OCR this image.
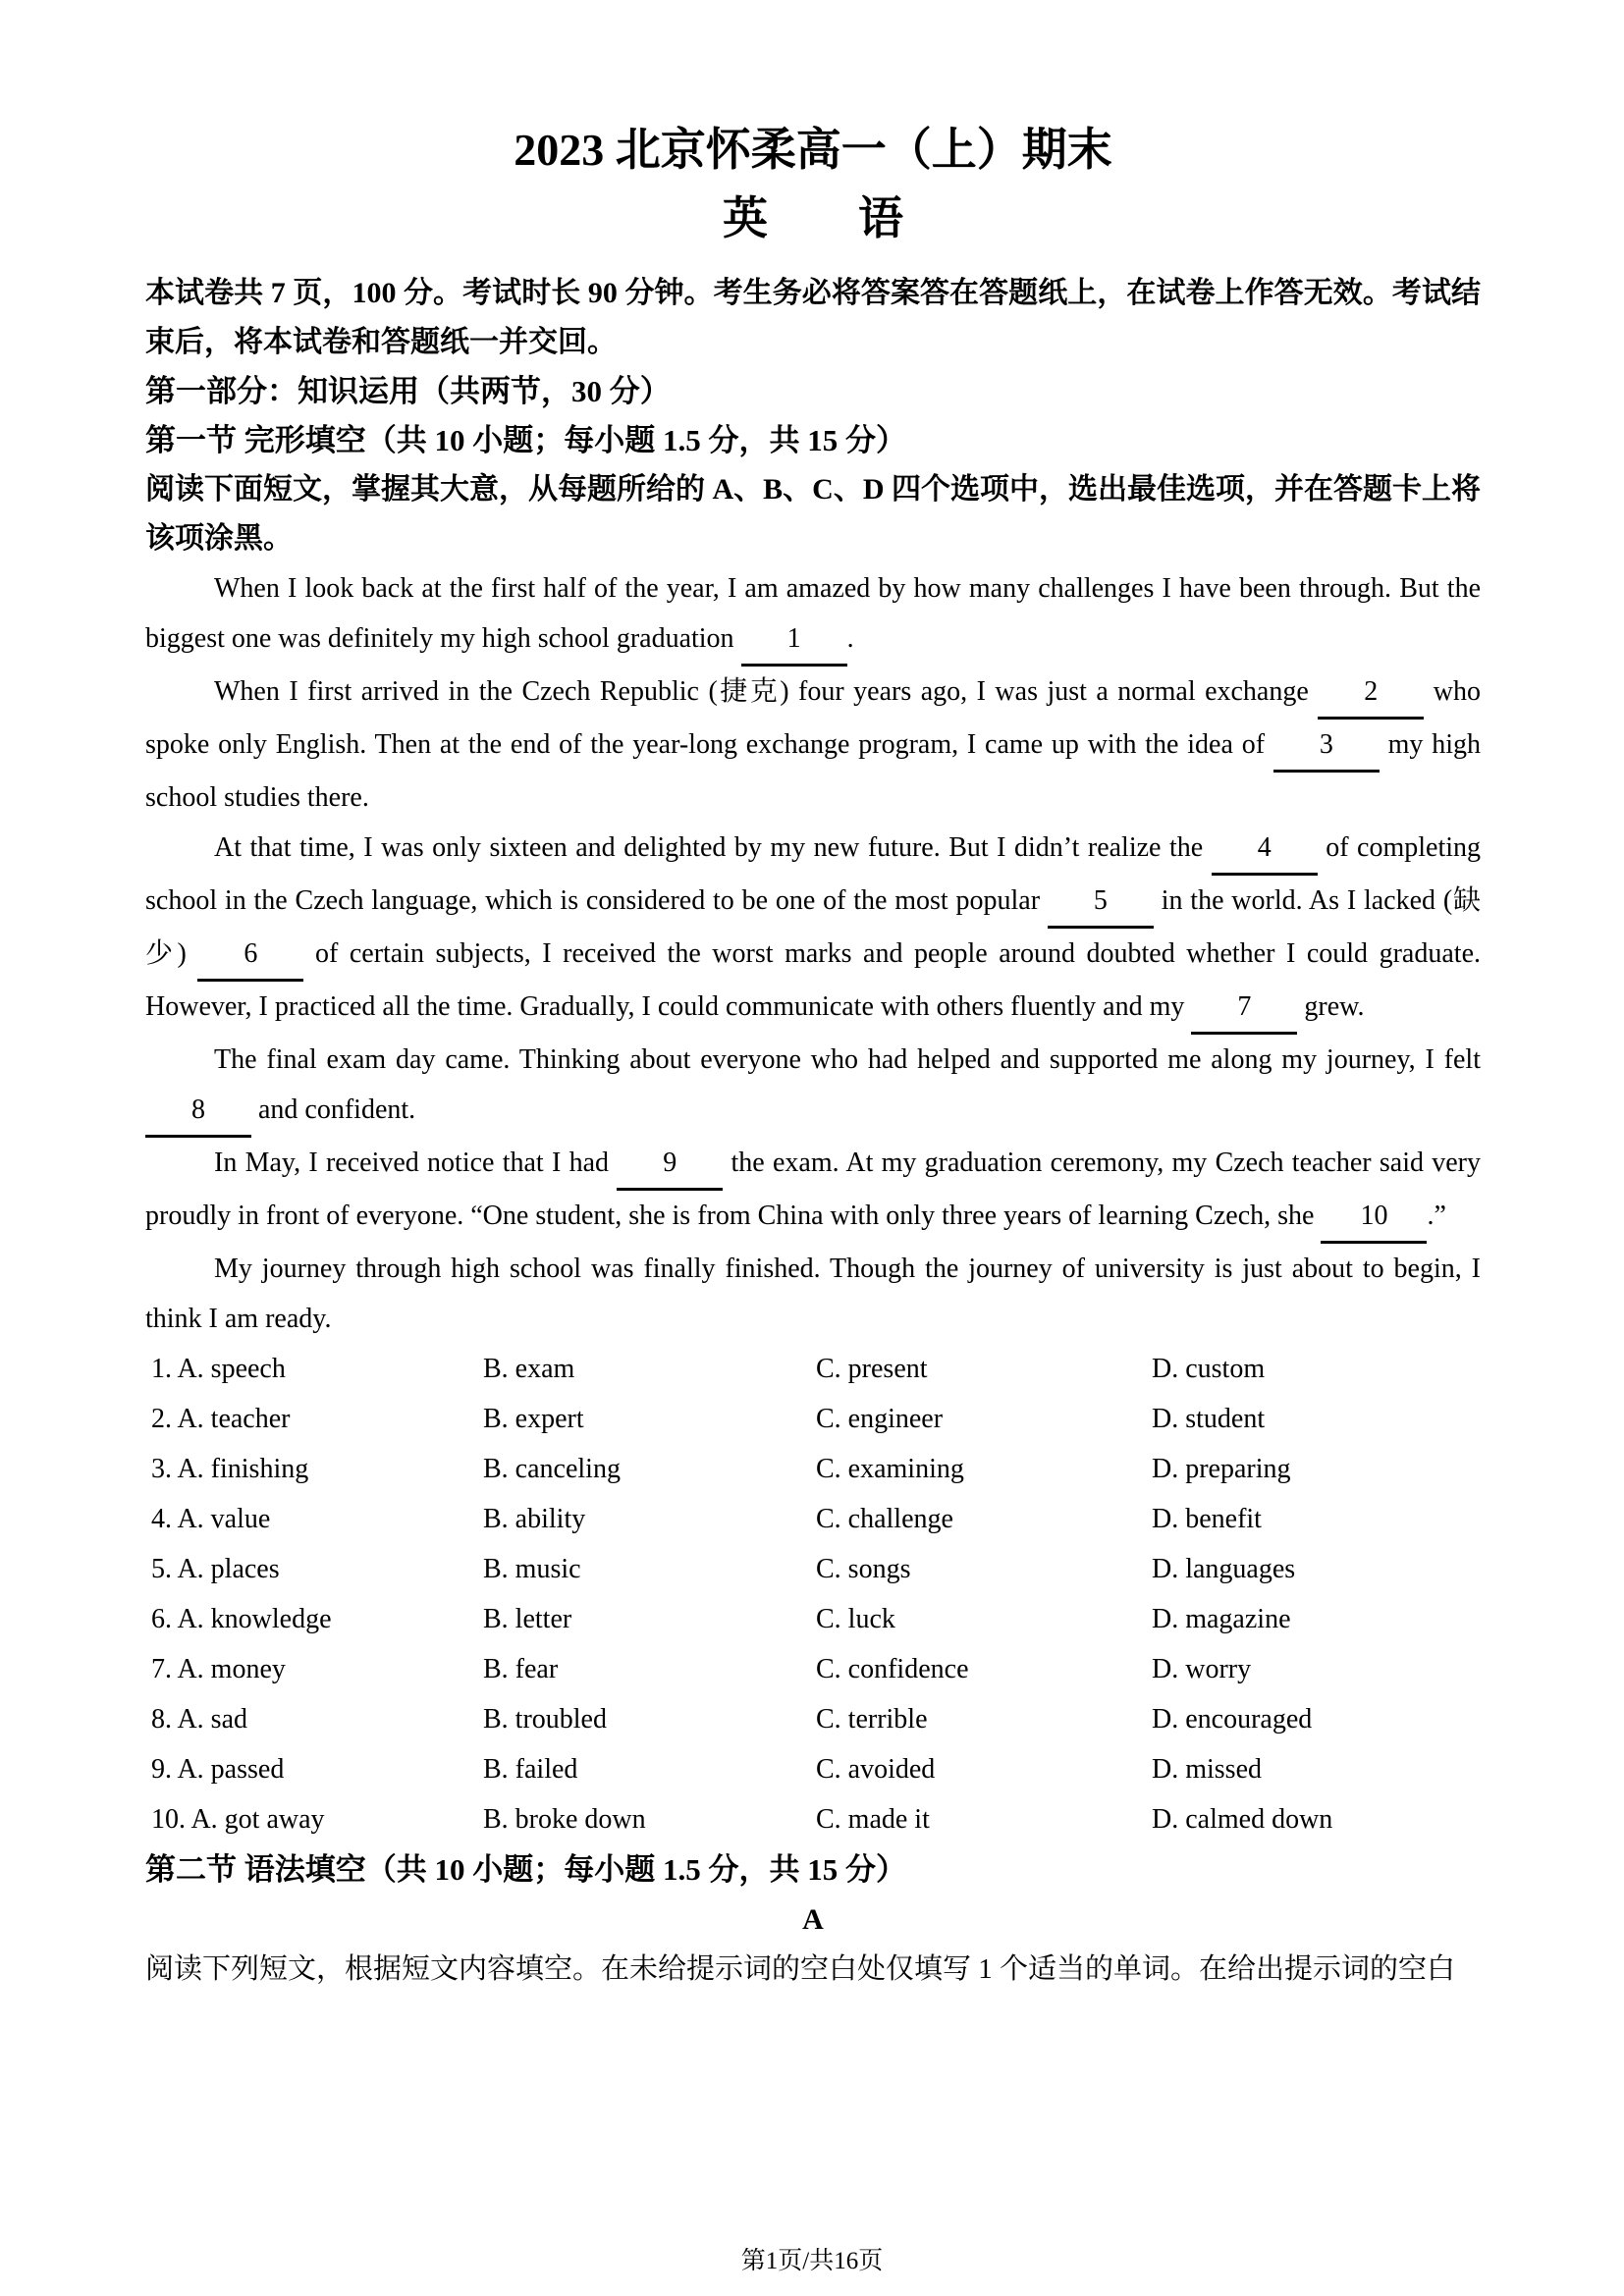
2023 北京怀柔高一（上）期末
英　　语

本试卷共 7 页，100 分。考试时长 90 分钟。考生务必将答案答在答题纸上，在试卷上作答无效。考试结束后，将本试卷和答题纸一并交回。

第一部分：知识运用（共两节，30 分）

第一节 完形填空（共 10 小题；每小题 1.5 分，共 15 分）

阅读下面短文，掌握其大意，从每题所给的 A、B、C、D 四个选项中，选出最佳选项，并在答题卡上将该项涂黑。

When I look back at the first half of the year, I am amazed by how many challenges I have been through. But the biggest one was definitely my high school graduation 1 .

When I first arrived in the Czech Republic (捷克) four years ago, I was just a normal exchange 2 who spoke only English. Then at the end of the year-long exchange program, I came up with the idea of 3 my high school studies there.

At that time, I was only sixteen and delighted by my new future. But I didn’t realize the 4 of completing school in the Czech language, which is considered to be one of the most popular 5 in the world. As I lacked (缺少) 6 of certain subjects, I received the worst marks and people around doubted whether I could graduate. However, I practiced all the time. Gradually, I could communicate with others fluently and my 7 grew.

The final exam day came. Thinking about everyone who had helped and supported me along my journey, I felt 8 and confident.

In May, I received notice that I had 9 the exam. At my graduation ceremony, my Czech teacher said very proudly in front of everyone. “One student, she is from China with only three years of learning Czech, she 10 .”

My journey through high school was finally finished. Though the journey of university is just about to begin, I think I am ready.

1. A. speech	B. exam	C. present	D. custom
2. A. teacher	B. expert	C. engineer	D. student
3. A. finishing	B. canceling	C. examining	D. preparing
4. A. value	B. ability	C. challenge	D. benefit
5. A. places	B. music	C. songs	D. languages
6. A. knowledge	B. letter	C. luck	D. magazine
7. A. money	B. fear	C. confidence	D. worry
8. A. sad	B. troubled	C. terrible	D. encouraged
9. A. passed	B. failed	C. avoided	D. missed
10. A. got away	B. broke down	C. made it	D. calmed down

第二节 语法填空（共 10 小题；每小题 1.5 分，共 15 分）

A

阅读下列短文，根据短文内容填空。在未给提示词的空白处仅填写 1 个适当的单词。在给出提示词的空白

第1页/共16页
